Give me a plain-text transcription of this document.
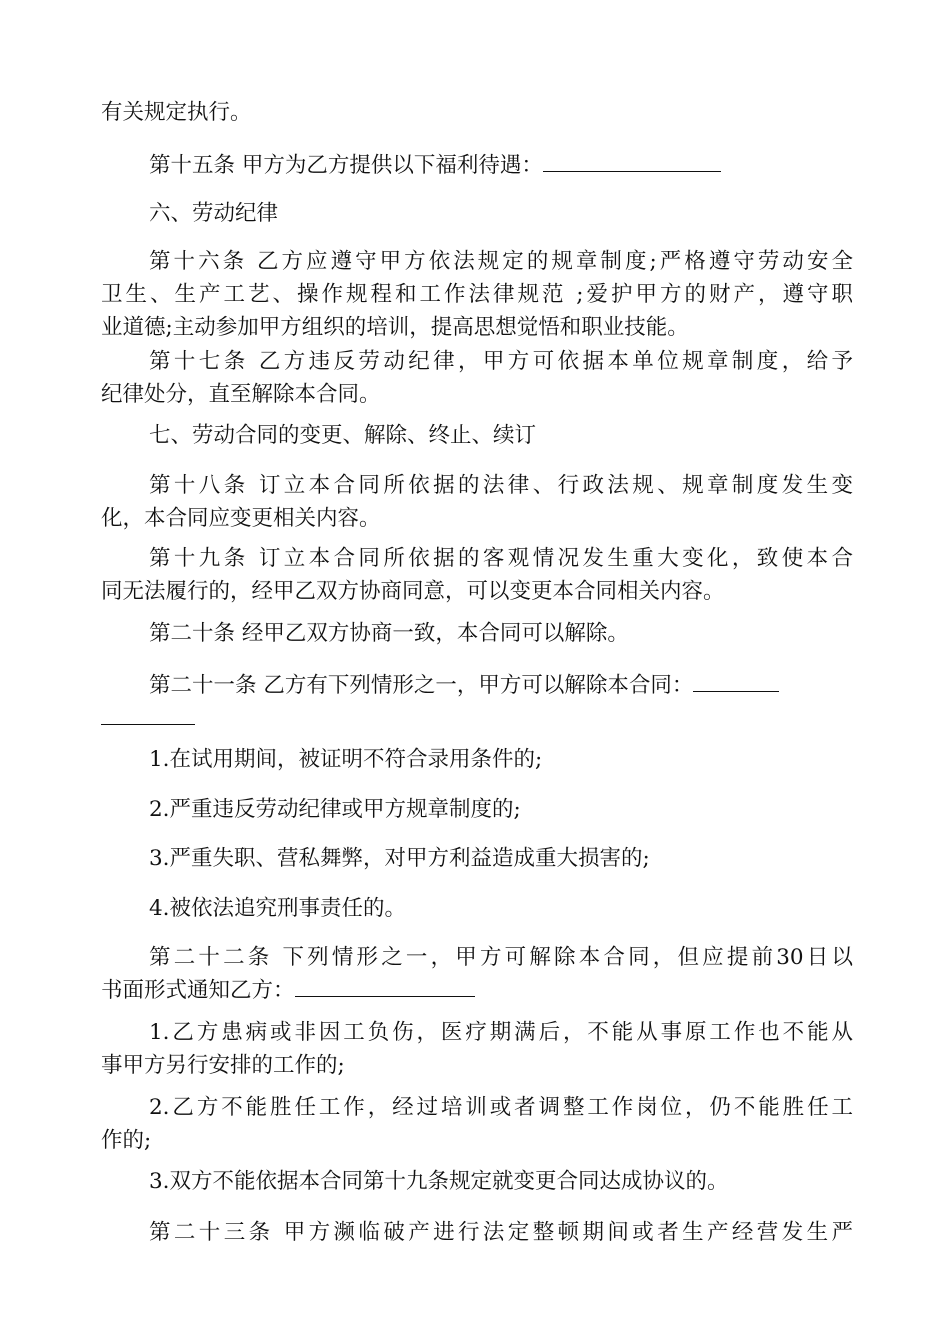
有关规定执行。

第十五条 甲方为乙方提供以下福利待遇：

六、劳动纪律

第十六条 乙方应遵守甲方依法规定的规章制度;严格遵守劳动安全
卫生、生产工艺、操作规程和工作法律规范 ;爱护甲方的财产，遵守职
业道德;主动参加甲方组织的培训，提高思想觉悟和职业技能。

第十七条 乙方违反劳动纪律，甲方可依据本单位规章制度，给予
纪律处分，直至解除本合同。

七、劳动合同的变更、解除、终止、续订

第十八条 订立本合同所依据的法律、行政法规、规章制度发生变
化，本合同应变更相关内容。

第十九条 订立本合同所依据的客观情况发生重大变化，致使本合
同无法履行的，经甲乙双方协商同意，可以变更本合同相关内容。

第二十条 经甲乙双方协商一致，本合同可以解除。

第二十一条 乙方有下列情形之一，甲方可以解除本合同：

1.在试用期间，被证明不符合录用条件的;

2.严重违反劳动纪律或甲方规章制度的;

3.严重失职、营私舞弊，对甲方利益造成重大损害的;

4.被依法追究刑事责任的。

第二十二条 下列情形之一，甲方可解除本合同，但应提前30日以
书面形式通知乙方：

1.乙方患病或非因工负伤，医疗期满后，不能从事原工作也不能从
事甲方另行安排的工作的;

2.乙方不能胜任工作，经过培训或者调整工作岗位，仍不能胜任工
作的;

3.双方不能依据本合同第十九条规定就变更合同达成协议的。

第二十三条 甲方濒临破产进行法定整顿期间或者生产经营发生严
